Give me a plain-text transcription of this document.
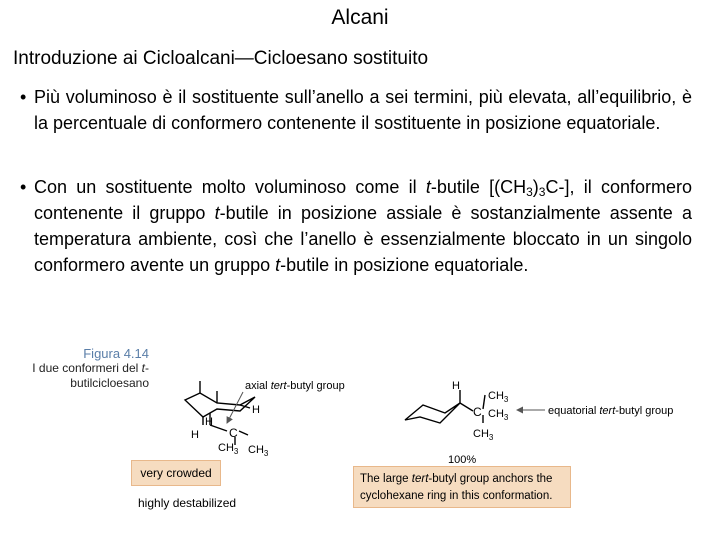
Alcani
Introduzione ai Cicloalcani—Cicloesano sostituito
• Più voluminoso è il sostituente sull’anello a sei termini, più elevata, all’equilibrio, è la percentuale di conformero contenente il sostituente in posizione equatoriale.
• Con un sostituente molto voluminoso come il t-butile $[(CH_3)_3C-]$, il conformero contenente il gruppo t-butile in posizione assiale è sostanzialmente assente a temperatura ambiente, così che l’anello è essenzialmente bloccato in un singolo conformero avente un gruppo t-butile in posizione equatoriale.
Figura 4.14
I due conformeri del t-butilcicloesano	axial tert-butyl group
H
H
H	C
$CH_3$ $CH_3$
H
C
$CH_3$
$CH_3$
$CH_3$
equatorial tert-butyl group
100%
very crowded
highly destabilized
The large tert-butyl group anchors the cyclohexane ring in this conformation.
